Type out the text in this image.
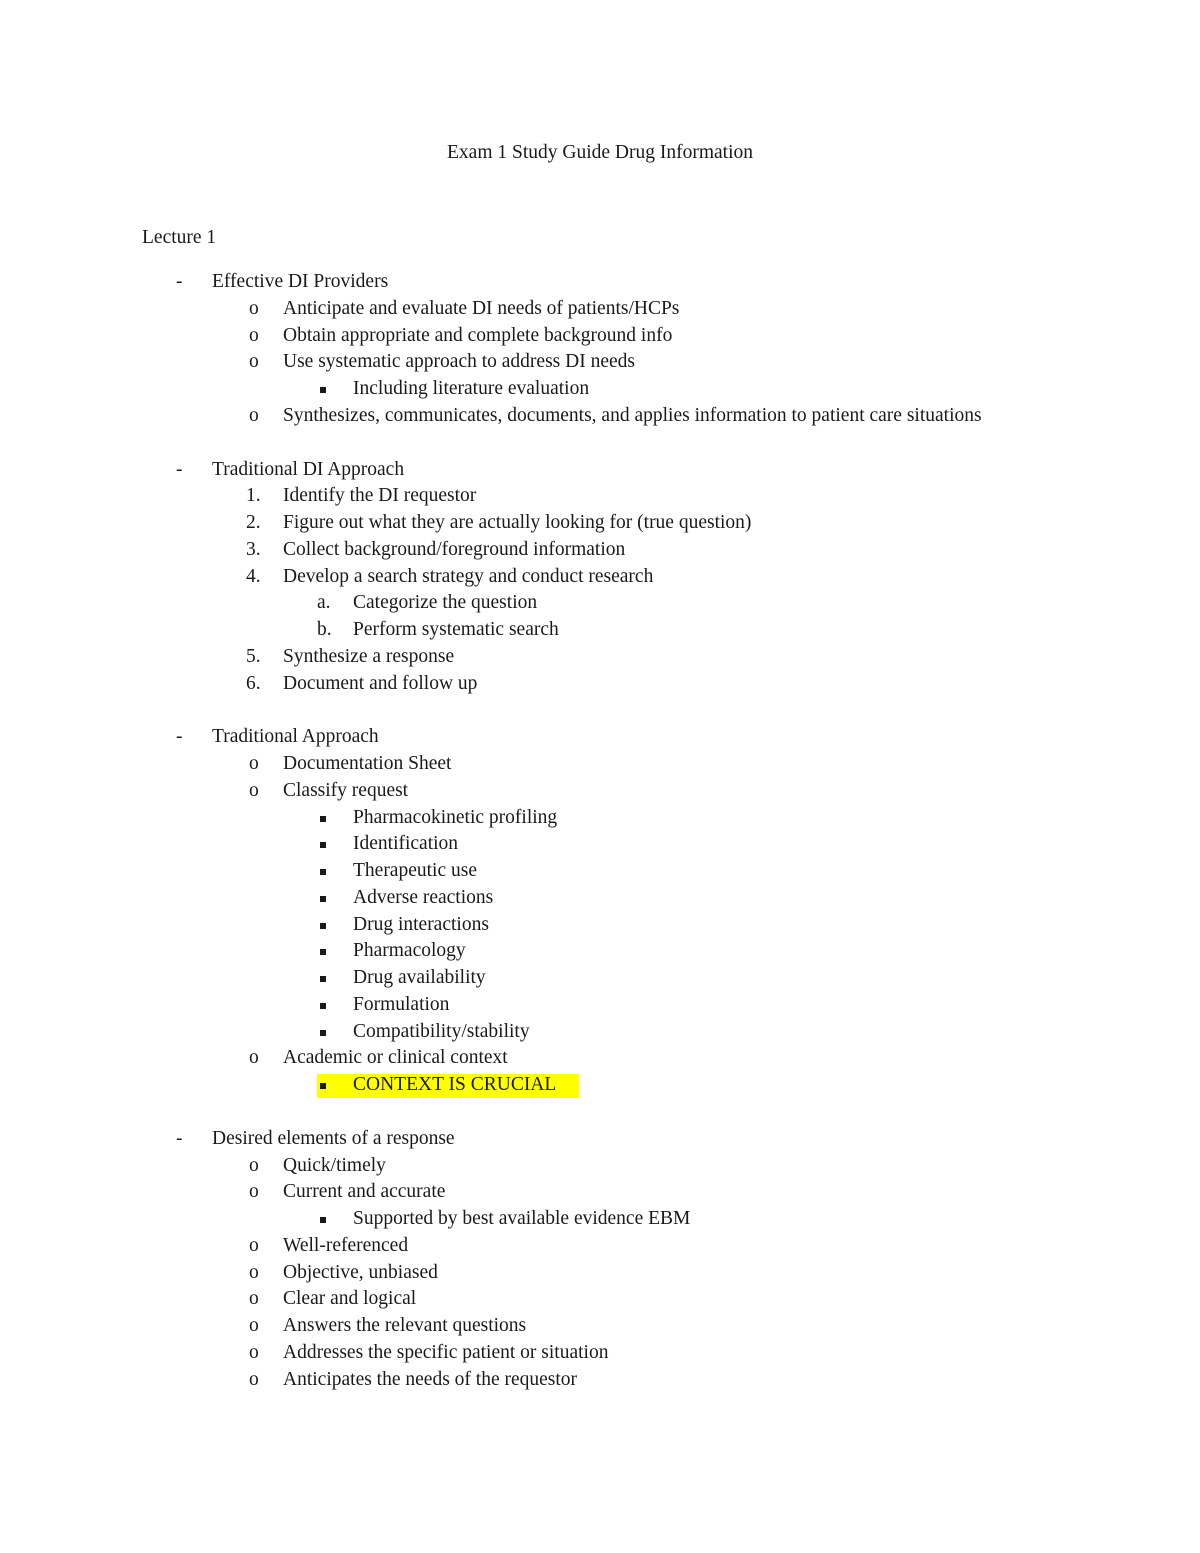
Exam 1 Study Guide Drug Information
Lecture 1
- Effective DI Providers
o Anticipate and evaluate DI needs of patients/HCPs
o Obtain appropriate and complete background info
o Use systematic approach to address DI needs
Including literature evaluation
o Synthesizes, communicates, documents, and applies information to patient care situations
- Traditional DI Approach
1. Identify the DI requestor
2. Figure out what they are actually looking for (true question)
3. Collect background/foreground information
4. Develop a search strategy and conduct research
a. Categorize the question
b. Perform systematic search
5. Synthesize a response
6. Document and follow up
- Traditional Approach
o Documentation Sheet
o Classify request
Pharmacokinetic profiling
Identification
Therapeutic use
Adverse reactions
Drug interactions
Pharmacology
Drug availability
Formulation
Compatibility/stability
o Academic or clinical context
CONTEXT IS CRUCIAL
- Desired elements of a response
o Quick/timely
o Current and accurate
Supported by best available evidence EBM
o Well-referenced
o Objective, unbiased
o Clear and logical
o Answers the relevant questions
o Addresses the specific patient or situation
o Anticipates the needs of the requestor
